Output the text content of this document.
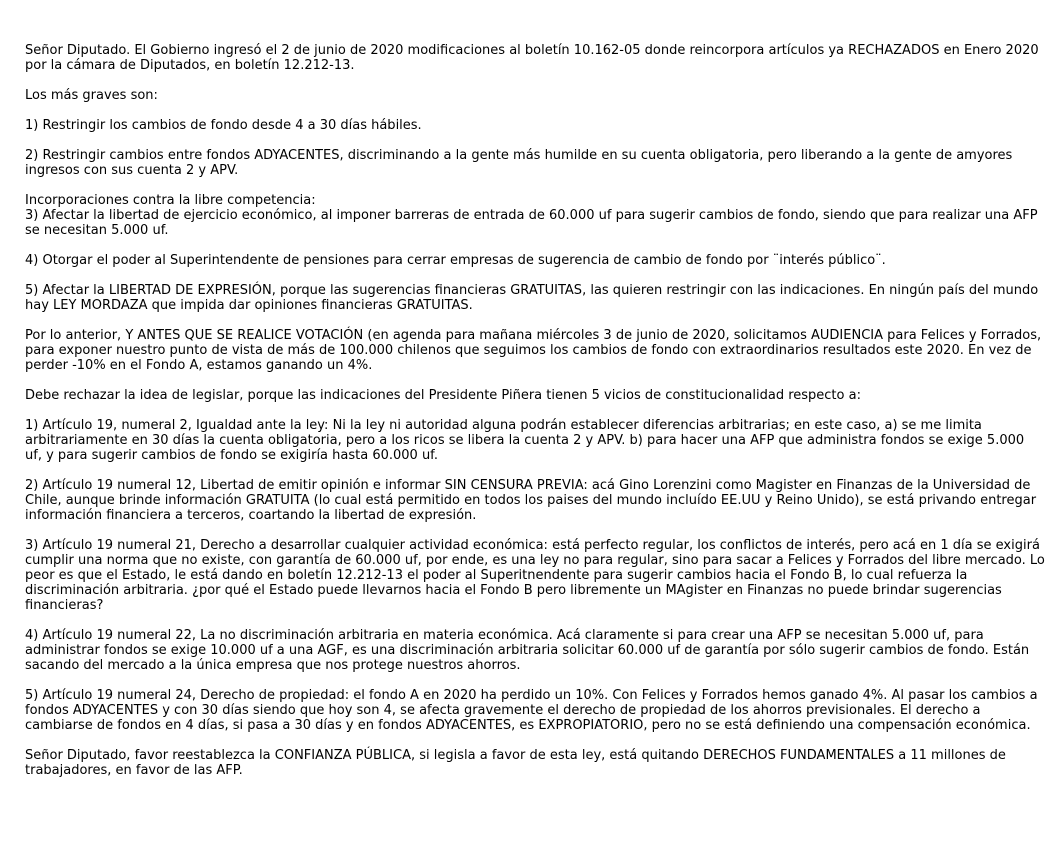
Señor Diputado. El Gobierno ingresó el 2 de junio de 2020 modificaciones al boletín 10.162-05 donde reincorpora artículos ya RECHAZADOS en Enero 2020 por la cámara de Diputados, en boletín 12.212-13.

Los más graves son:

1) Restringir los cambios de fondo desde 4 a 30 días hábiles.

2) Restringir cambios entre fondos ADYACENTES, discriminando a la gente más humilde en su cuenta obligatoria, pero liberando a la gente de amyores ingresos con sus cuenta 2 y APV.

Incorporaciones contra la libre competencia:

3) Afectar la libertad de ejercicio económico, al imponer barreras de entrada de 60.000 uf para sugerir cambios de fondo, siendo que para realizar una AFP se necesitan 5.000 uf.

4) Otorgar el poder al Superintendente de pensiones para cerrar empresas de sugerencia de cambio de fondo por ¨interés público¨.

5) Afectar la LIBERTAD DE EXPRESIÓN, porque las sugerencias financieras GRATUITAS, las quieren restringir con las indicaciones. En ningún país del mundo hay LEY MORDAZA que impida dar opiniones financieras GRATUITAS.

Por lo anterior, Y ANTES QUE SE REALICE VOTACIÓN (en agenda para mañana miércoles 3 de junio de 2020, solicitamos AUDIENCIA para Felices y Forrados, para exponer nuestro punto de vista de más de 100.000 chilenos que seguimos los cambios de fondo con extraordinarios resultados este 2020. En vez de perder -10% en el Fondo A, estamos ganando un 4%.

Debe rechazar la idea de legislar, porque las indicaciones del Presidente Piñera tienen 5 vicios de constitucionalidad respecto a:

1) Artículo 19, numeral 2, Igualdad ante la ley: Ni la ley ni autoridad alguna podrán establecer diferencias arbitrarias; en este caso, a) se me limita arbitrariamente en 30 días la cuenta obligatoria, pero a los ricos se libera la cuenta 2 y APV. b) para hacer una AFP que administra fondos se exige 5.000 uf, y para sugerir cambios de fondo se exigiría hasta 60.000 uf.

2) Artículo 19 numeral 12, Libertad de emitir opinión e informar SIN CENSURA PREVIA: acá Gino Lorenzini como Magister en Finanzas de la Universidad de Chile, aunque brinde información GRATUITA (lo cual está permitido en todos los paises del mundo incluído EE.UU y Reino Unido), se está privando entregar información financiera a terceros, coartando la libertad de expresión.

3) Artículo 19 numeral 21, Derecho a desarrollar cualquier actividad económica: está perfecto regular, los conflictos de interés, pero acá en 1 día se exigirá cumplir una norma que no existe, con garantía de 60.000 uf, por ende, es una ley no para regular, sino para sacar a Felices y Forrados del libre mercado. Lo peor es que el Estado, le está dando en boletín 12.212-13 el poder al Superitnendente para sugerir cambios hacia el Fondo B, lo cual refuerza la discriminación arbitraria. ¿por qué el Estado puede llevarnos hacia el Fondo B pero libremente un MAgister en Finanzas no puede brindar sugerencias financieras?

4) Artículo 19 numeral 22, La no discriminación arbitraria en materia económica. Acá claramente si para crear una AFP se necesitan 5.000 uf, para administrar fondos se exige 10.000 uf a una AGF, es una discriminación arbitraria solicitar 60.000 uf de garantía por sólo sugerir cambios de fondo. Están sacando del mercado a la única empresa que nos protege nuestros ahorros.

5) Artículo 19 numeral 24, Derecho de propiedad: el fondo A en 2020 ha perdido un 10%. Con Felices y Forrados hemos ganado 4%. Al pasar los cambios a fondos ADYACENTES y con 30 días siendo que hoy son 4, se afecta gravemente el derecho de propiedad de los ahorros previsionales. El derecho a cambiarse de fondos en 4 días, si pasa a 30 días y en fondos ADYACENTES, es EXPROPIATORIO, pero no se está definiendo una compensación económica.

Señor Diputado, favor reestablezca la CONFIANZA PÚBLICA, si legisla a favor de esta ley, está quitando DERECHOS FUNDAMENTALES a 11 millones de trabajadores, en favor de las AFP.
